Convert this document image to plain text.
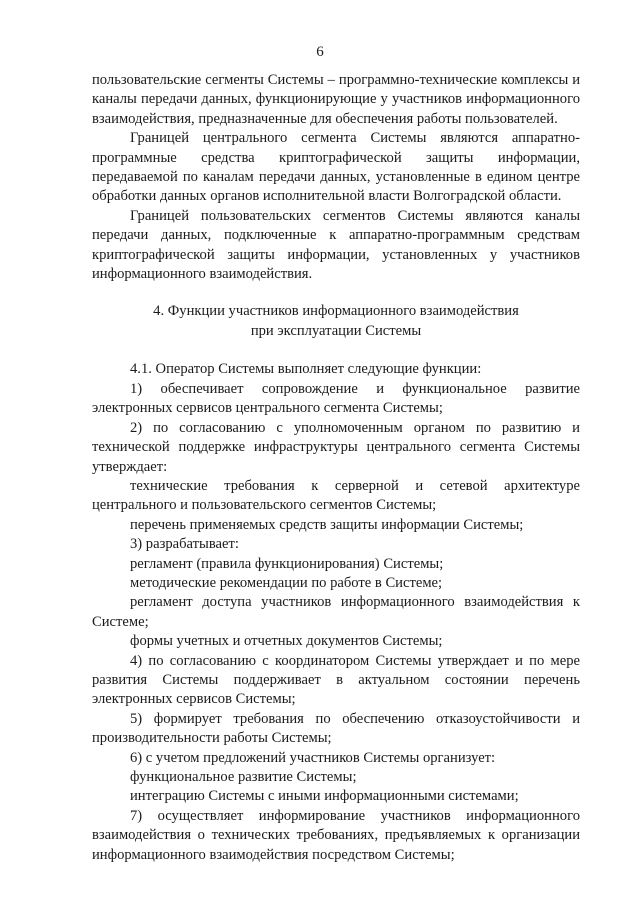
6

пользовательские сегменты Системы – программно-технические комплексы и каналы передачи данных, функционирующие у участников информационного взаимодействия, предназначенные для обеспечения работы пользователей.

Границей центрального сегмента Системы являются аппаратно-программные средства криптографической защиты информации, передаваемой по каналам передачи данных, установленные в едином центре обработки данных органов исполнительной власти Волгоградской области.

Границей пользовательских сегментов Системы являются каналы передачи данных, подключенные к аппаратно-программным средствам криптографической защиты информации, установленных у участников информационного взаимодействия.

4. Функции участников информационного взаимодействия
при эксплуатации Системы

4.1. Оператор Системы выполняет следующие функции:

1) обеспечивает сопровождение и функциональное развитие электронных сервисов центрального сегмента Системы;

2) по согласованию с уполномоченным органом по развитию и технической поддержке инфраструктуры центрального сегмента Системы утверждает:

технические требования к серверной и сетевой архитектуре центрального и пользовательского сегментов Системы;

перечень применяемых средств защиты информации Системы;

3) разрабатывает:

регламент (правила функционирования) Системы;

методические рекомендации по работе в Системе;

регламент доступа участников информационного взаимодействия к Системе;

формы учетных и отчетных документов Системы;

4) по согласованию с координатором Системы утверждает и по мере развития Системы поддерживает в актуальном состоянии перечень электронных сервисов Системы;

5) формирует требования по обеспечению отказоустойчивости и производительности работы Системы;

6) с учетом предложений участников Системы организует:

функциональное развитие Системы;

интеграцию Системы с иными информационными системами;

7) осуществляет информирование участников информационного взаимодействия о технических требованиях, предъявляемых к организации информационного взаимодействия посредством Системы;
